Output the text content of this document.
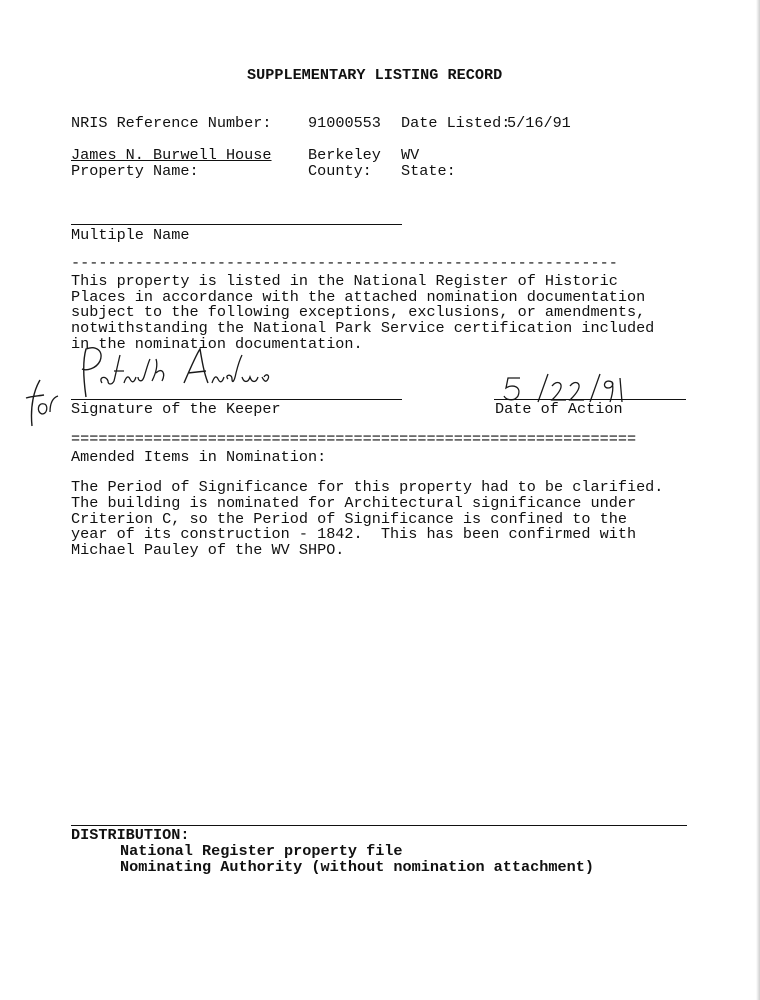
SUPPLEMENTARY LISTING RECORD
NRIS Reference Number: 91000553 Date Listed:
5/16/91
James N. Burwell House Berkeley WV
Property Name:	County: State:
Multiple Name
------------------------------------------------------------
This property is listed in the National Register of Historic
Places in accordance with the attached nomination documentation
subject to the following exceptions, exclusions, or amendments,
notwithstanding the National Park Service certification included
in the nomination documentation.
Signature of the Keeper	Date of Action
==============================================================
Amended Items in Nomination:
The Period of Significance for this property had to be clarified.
The building is nominated for Architectural significance under
Criterion C, so the Period of Significance is confined to the
year of its construction - 1842.  This has been confirmed with
Michael Pauley of the WV SHPO.
DISTRIBUTION:
National Register property file
Nominating Authority (without nomination attachment)
